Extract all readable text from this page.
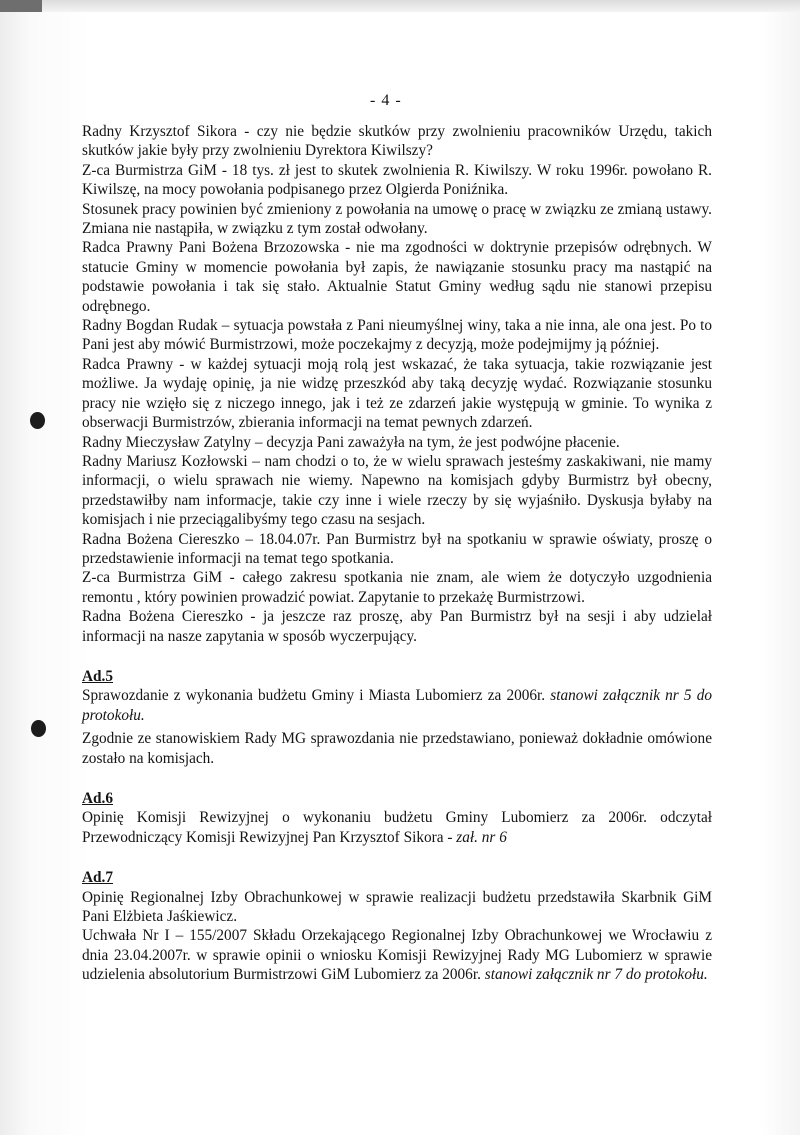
- 4 -

Radny Krzysztof Sikora - czy nie będzie skutków przy zwolnieniu pracowników Urzędu, takich skutków jakie były przy zwolnieniu Dyrektora Kiwilszy?

Z-ca Burmistrza GiM - 18 tys. zł jest to skutek zwolnienia R. Kiwilszy. W roku 1996r. powołano R. Kiwilszę, na mocy powołania podpisanego przez Olgierda Poniźnika.

Stosunek pracy powinien być zmieniony z powołania na umowę o pracę w związku ze zmianą ustawy. Zmiana nie nastąpiła, w związku z tym został odwołany.

Radca Prawny Pani Bożena Brzozowska - nie ma zgodności w doktrynie przepisów odrębnych. W statucie Gminy w momencie powołania był zapis, że nawiązanie stosunku pracy ma nastąpić na podstawie powołania i tak się stało. Aktualnie Statut Gminy według sądu nie stanowi przepisu odrębnego.

Radny Bogdan Rudak – sytuacja powstała z Pani nieumyślnej winy, taka a nie inna, ale ona jest. Po to Pani jest aby mówić Burmistrzowi, może poczekajmy z decyzją, może podejmijmy ją później.

Radca Prawny - w każdej sytuacji moją rolą jest wskazać, że taka sytuacja, takie rozwiązanie jest możliwe. Ja wydaję opinię, ja nie widzę przeszkód aby taką decyzję wydać. Rozwiązanie stosunku pracy nie wzięło się z niczego innego, jak i też ze zdarzeń jakie występują w gminie. To wynika z obserwacji Burmistrzów, zbierania informacji na temat pewnych zdarzeń.

Radny Mieczysław Zatylny – decyzja Pani zaważyła na tym, że jest podwójne płacenie.

Radny Mariusz Kozłowski – nam chodzi o to, że w wielu sprawach jesteśmy zaskakiwani, nie mamy informacji, o wielu sprawach nie wiemy. Napewno na komisjach gdyby Burmistrz był obecny, przedstawiłby nam informacje, takie czy inne i wiele rzeczy by się wyjaśniło. Dyskusja byłaby na komisjach i nie przeciągalibyśmy tego czasu na sesjach.

Radna Bożena Ciereszko – 18.04.07r. Pan Burmistrz był na spotkaniu w sprawie oświaty, proszę o przedstawienie informacji na temat tego spotkania.

Z-ca Burmistrza GiM - całego zakresu spotkania nie znam, ale wiem że dotyczyło uzgodnienia remontu , który powinien prowadzić powiat. Zapytanie to przekażę Burmistrzowi.

Radna Bożena Ciereszko - ja jeszcze raz proszę, aby Pan Burmistrz był na sesji i aby udzielał informacji na nasze zapytania w sposób wyczerpujący.

Ad.5

Sprawozdanie z wykonania budżetu Gminy i Miasta Lubomierz za 2006r. stanowi załącznik nr 5 do protokołu.

Zgodnie ze stanowiskiem Rady MG sprawozdania nie przedstawiano, ponieważ dokładnie omówione zostało na komisjach.

Ad.6

Opinię Komisji Rewizyjnej o wykonaniu budżetu Gminy Lubomierz za 2006r. odczytał Przewodniczący Komisji Rewizyjnej Pan Krzysztof Sikora - zał. nr 6

Ad.7

Opinię Regionalnej Izby Obrachunkowej w sprawie realizacji budżetu przedstawiła Skarbnik GiM Pani Elżbieta Jaśkiewicz.

Uchwała Nr I – 155/2007 Składu Orzekającego Regionalnej Izby Obrachunkowej we Wrocławiu z dnia 23.04.2007r. w sprawie opinii o wniosku Komisji Rewizyjnej Rady MG Lubomierz w sprawie udzielenia absolutorium Burmistrzowi GiM Lubomierz za 2006r. stanowi załącznik nr 7 do protokołu.
